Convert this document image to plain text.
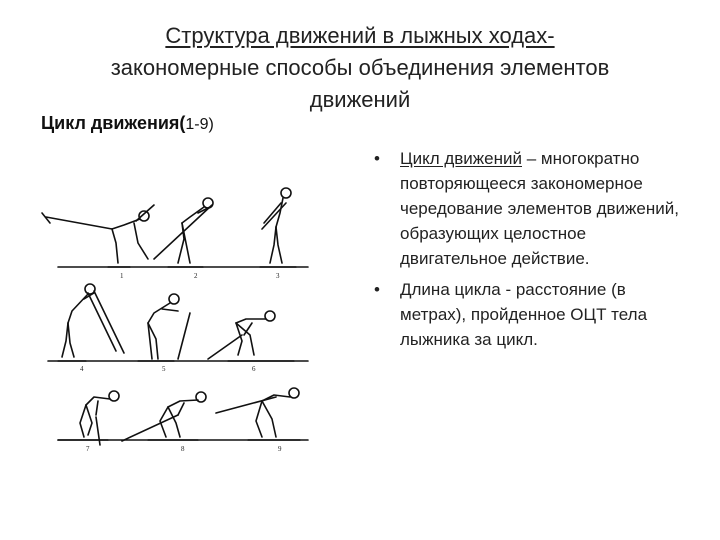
Структура движений в лыжных ходах-
закономерные способы объединения элементов
движений
Цикл движения(1-9)
1	2	3
4	5	6
7	8	9
• Цикл движений – многократно повторяющееся закономерное чередование элементов движений, образующих целостное двигательное действие.
• Длина цикла - расстояние (в метрах), пройденное ОЦТ тела лыжника за цикл.
